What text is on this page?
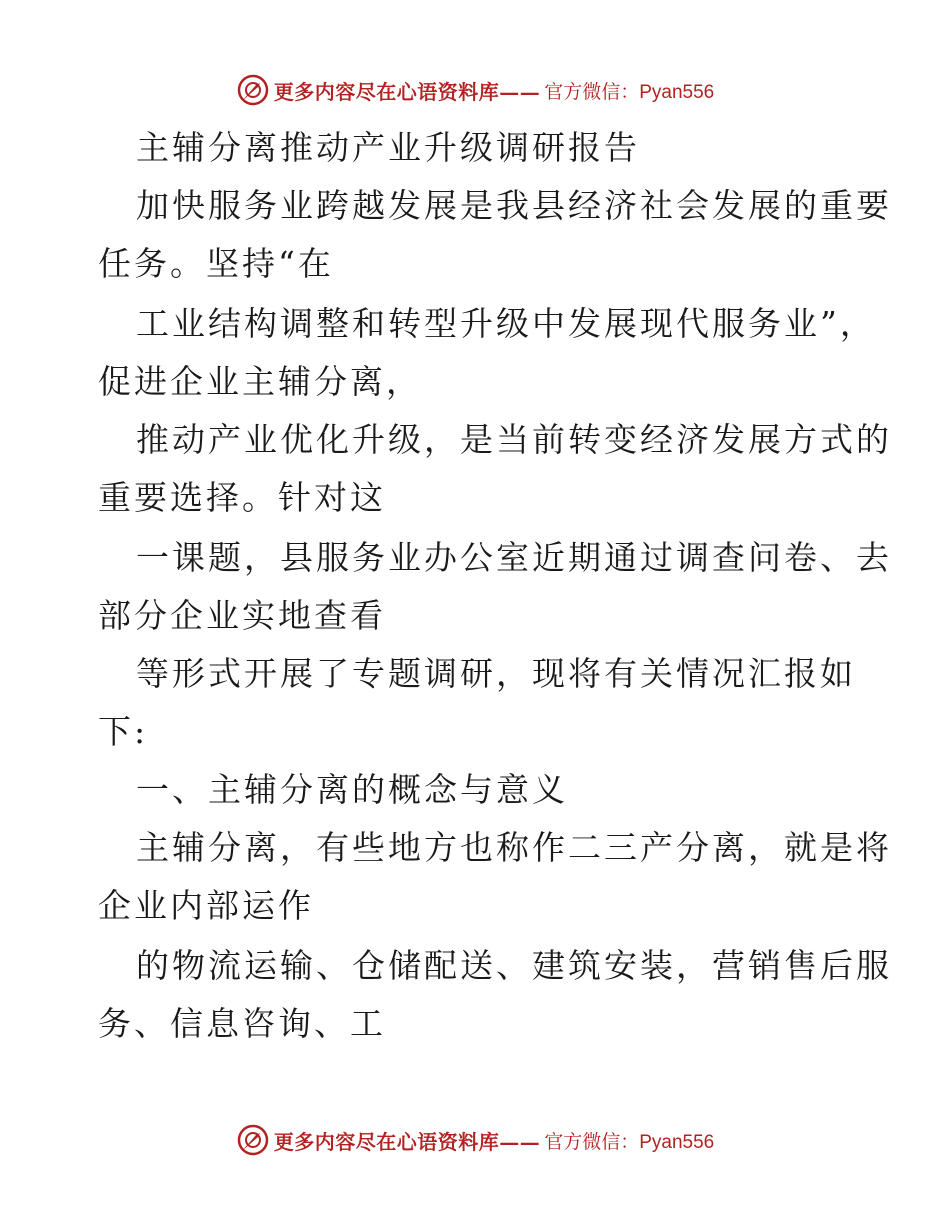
更多内容尽在心语资料库—— 官方微信：Pyan556
主辅分离推动产业升级调研报告
加快服务业跨越发展是我县经济社会发展的重要
任务。坚持“在
工业结构调整和转型升级中发展现代服务业”，
促进企业主辅分离，
推动产业优化升级，是当前转变经济发展方式的
重要选择。针对这
一课题，县服务业办公室近期通过调查问卷、去
部分企业实地查看
等形式开展了专题调研，现将有关情况汇报如
下:
一、主辅分离的概念与意义
主辅分离，有些地方也称作二三产分离，就是将
企业内部运作
的物流运输、仓储配送、建筑安装，营销售后服
务、信息咨询、工
更多内容尽在心语资料库—— 官方微信：Pyan556
